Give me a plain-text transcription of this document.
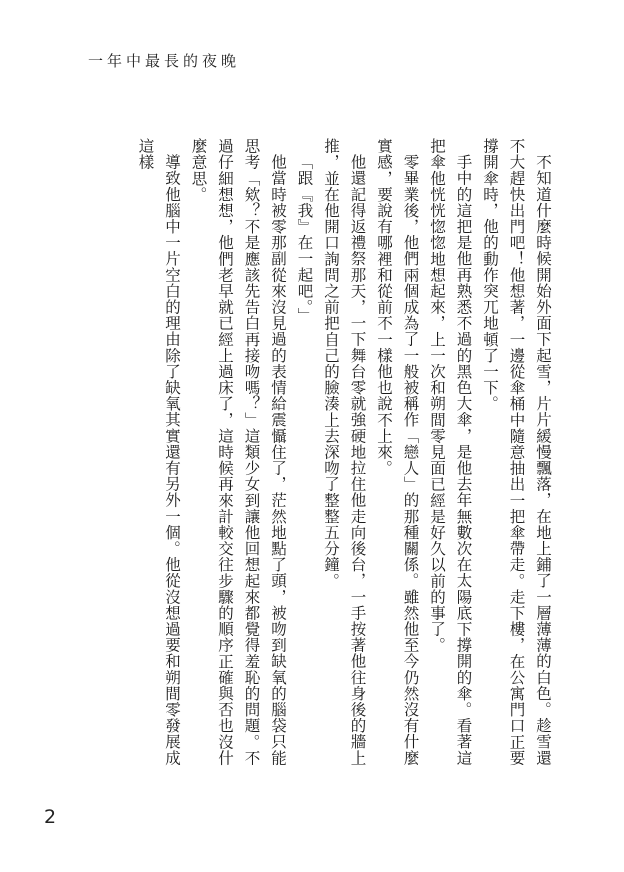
一年中最長的夜晚

不知道什麼時候開始外面下起雪，片片緩慢飄落，在地上鋪了一層薄薄的白色。趁雪還不大趕快出門吧！他想著，一邊從傘桶中隨意抽出一把傘帶走。走下樓，在公寓門口正要撐開傘時，他的動作突兀地頓了一下。

手中的這把是他再熟悉不過的黑色大傘，是他去年無數次在太陽底下撐開的傘。看著這把傘他恍恍惚惚地想起來，上一次和朔間零見面已經是好久以前的事了。

零畢業後，他們兩個成為了一般被稱作「戀人」的那種關係。雖然他至今仍然沒有什麼實感，要說有哪裡和從前不一樣他也說不上來。

他還記得返禮祭那天，一下舞台零就強硬地拉住他走向後台，一手按著他往身後的牆上推，並在他開口詢問之前把自己的臉湊上去深吻了整整五分鐘。

「跟『我』在一起吧。」

他當時被零那副從來沒見過的表情給震懾住了，茫然地點了頭，被吻到缺氧的腦袋只能思考「欸？不是應該先告白再接吻嗎？」這類少女到讓他回想起來都覺得羞恥的問題。不過仔細想想，他們老早就已經上過床了，這時候再來計較交往步驟的順序正確與否也沒什麼意思。

導致他腦中一片空白的理由除了缺氧其實還有另外一個。他從沒想過要和朔間零發展成這樣

2
